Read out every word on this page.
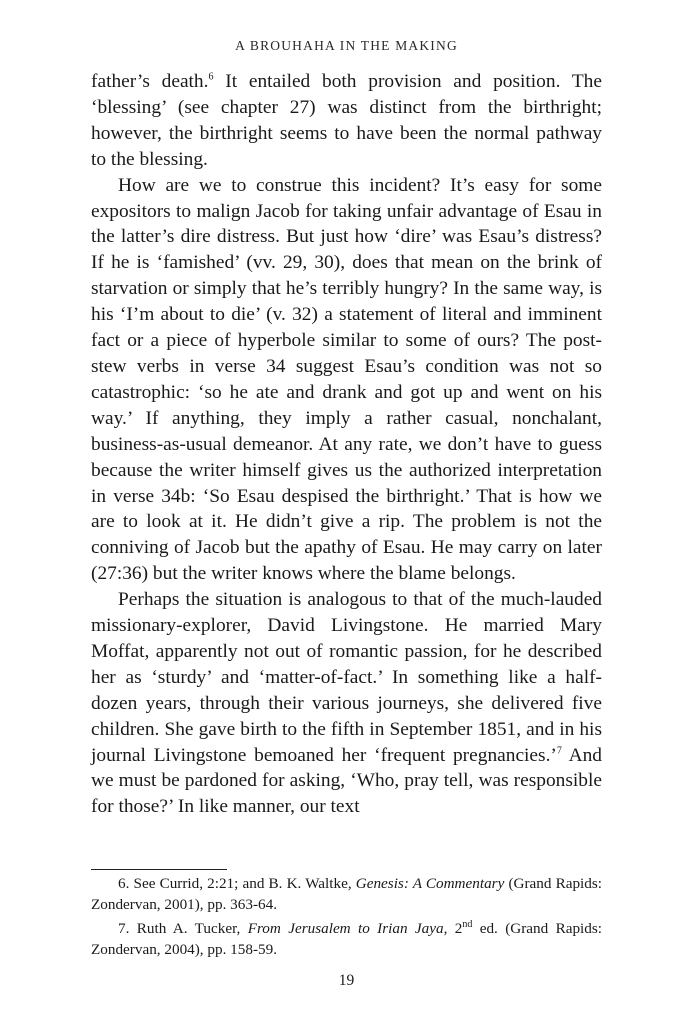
A BROUHAHA IN THE MAKING

father’s death.$^6$ It entailed both provision and position. The ‘blessing’ (see chapter 27) was distinct from the birthright; however, the birthright seems to have been the normal pathway to the blessing.

How are we to construe this incident? It’s easy for some expositors to malign Jacob for taking unfair advantage of Esau in the latter’s dire distress. But just how ‘dire’ was Esau’s distress? If he is ‘famished’ (vv. 29, 30), does that mean on the brink of starvation or simply that he’s terribly hungry? In the same way, is his ‘I’m about to die’ (v. 32) a statement of literal and imminent fact or a piece of hyperbole similar to some of ours? The post-stew verbs in verse 34 suggest Esau’s condition was not so catastrophic: ‘so he ate and drank and got up and went on his way.’ If anything, they imply a rather casual, nonchalant, business-as-usual demeanor. At any rate, we don’t have to guess because the writer himself gives us the authorized interpretation in verse 34b: ‘So Esau despised the birthright.’ That is how we are to look at it. He didn’t give a rip. The problem is not the conniving of Jacob but the apathy of Esau. He may carry on later (27:36) but the writer knows where the blame belongs.

Perhaps the situation is analogous to that of the much-lauded missionary-explorer, David Livingstone. He married Mary Moffat, apparently not out of romantic passion, for he described her as ‘sturdy’ and ‘matter-of-fact.’ In something like a half-dozen years, through their various journeys, she delivered five children. She gave birth to the fifth in September 1851, and in his journal Livingstone bemoaned her ‘frequent pregnancies.’$^7$ And we must be pardoned for asking, ‘Who, pray tell, was responsible for those?’ In like manner, our text

6. See Currid, 2:21; and B. K. Waltke, Genesis: A Commentary (Grand Rapids: Zondervan, 2001), pp. 363-64.

7. Ruth A. Tucker, From Jerusalem to Irian Jaya, 2nd ed. (Grand Rapids: Zondervan, 2004), pp. 158-59.

19
